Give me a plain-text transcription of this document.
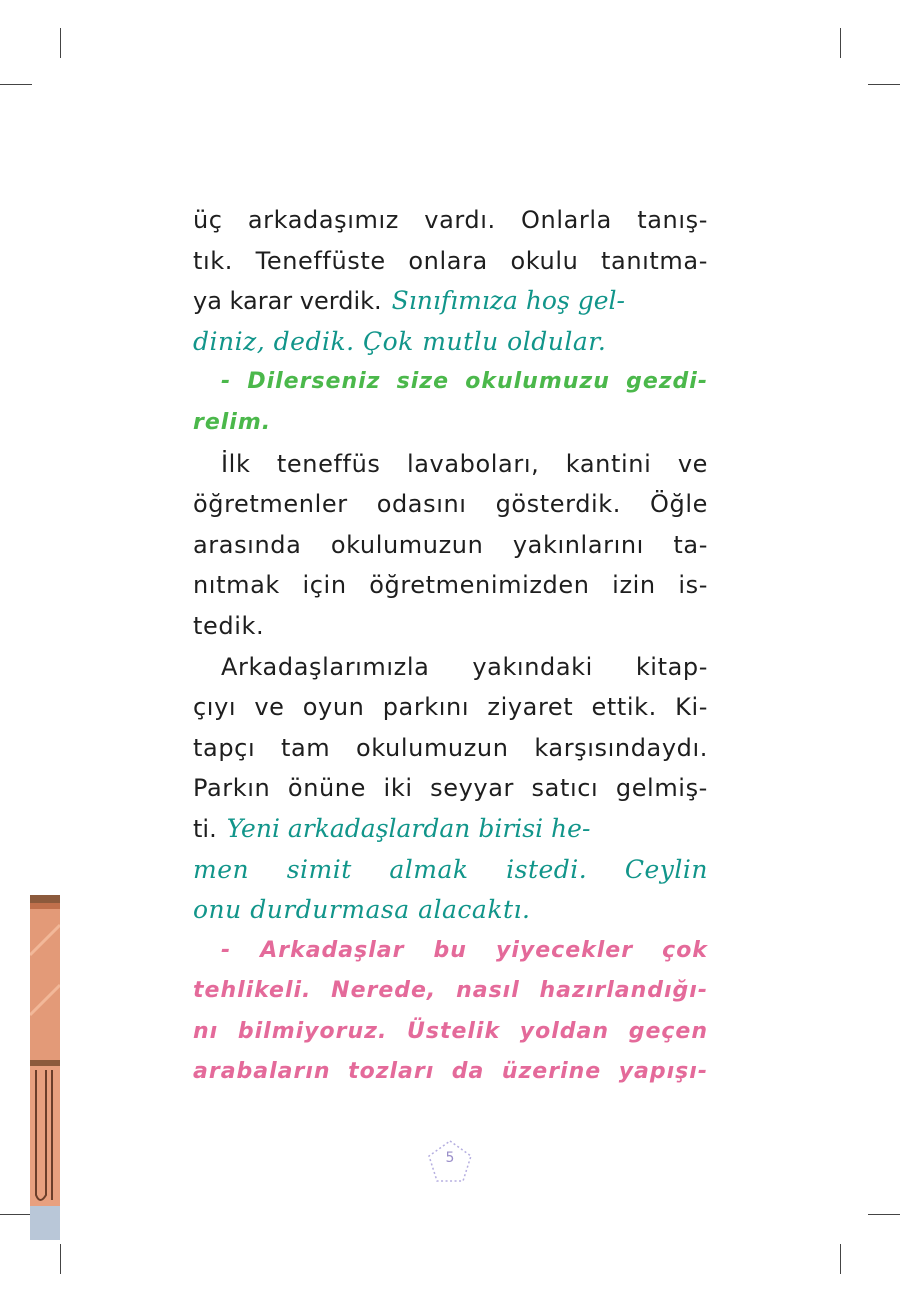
üç arkadaşımız vardı. Onlarla tanış-
tık. Teneffüste onlara okulu tanıtma-
ya karar verdik. Sınıfımıza hoş gel-
diniz, dedik. Çok mutlu oldular.
- Dilerseniz size okulumuzu gezdi-
relim.
İlk teneffüs lavaboları, kantini ve
öğretmenler odasını gösterdik. Öğle
arasında okulumuzun yakınlarını ta-
nıtmak için öğretmenimizden izin is-
tedik.
Arkadaşlarımızla yakındaki kitap-
çıyı ve oyun parkını ziyaret ettik. Ki-
tapçı tam okulumuzun karşısındaydı.
Parkın önüne iki seyyar satıcı gelmiş-
ti. Yeni arkadaşlardan birisi he-
men simit almak istedi. Ceylin
onu durdurmasa alacaktı.
- Arkadaşlar bu yiyecekler çok
tehlikeli. Nerede, nasıl hazırlandığı-
nı bilmiyoruz. Üstelik yoldan geçen
arabaların tozları da üzerine yapışı-
5
